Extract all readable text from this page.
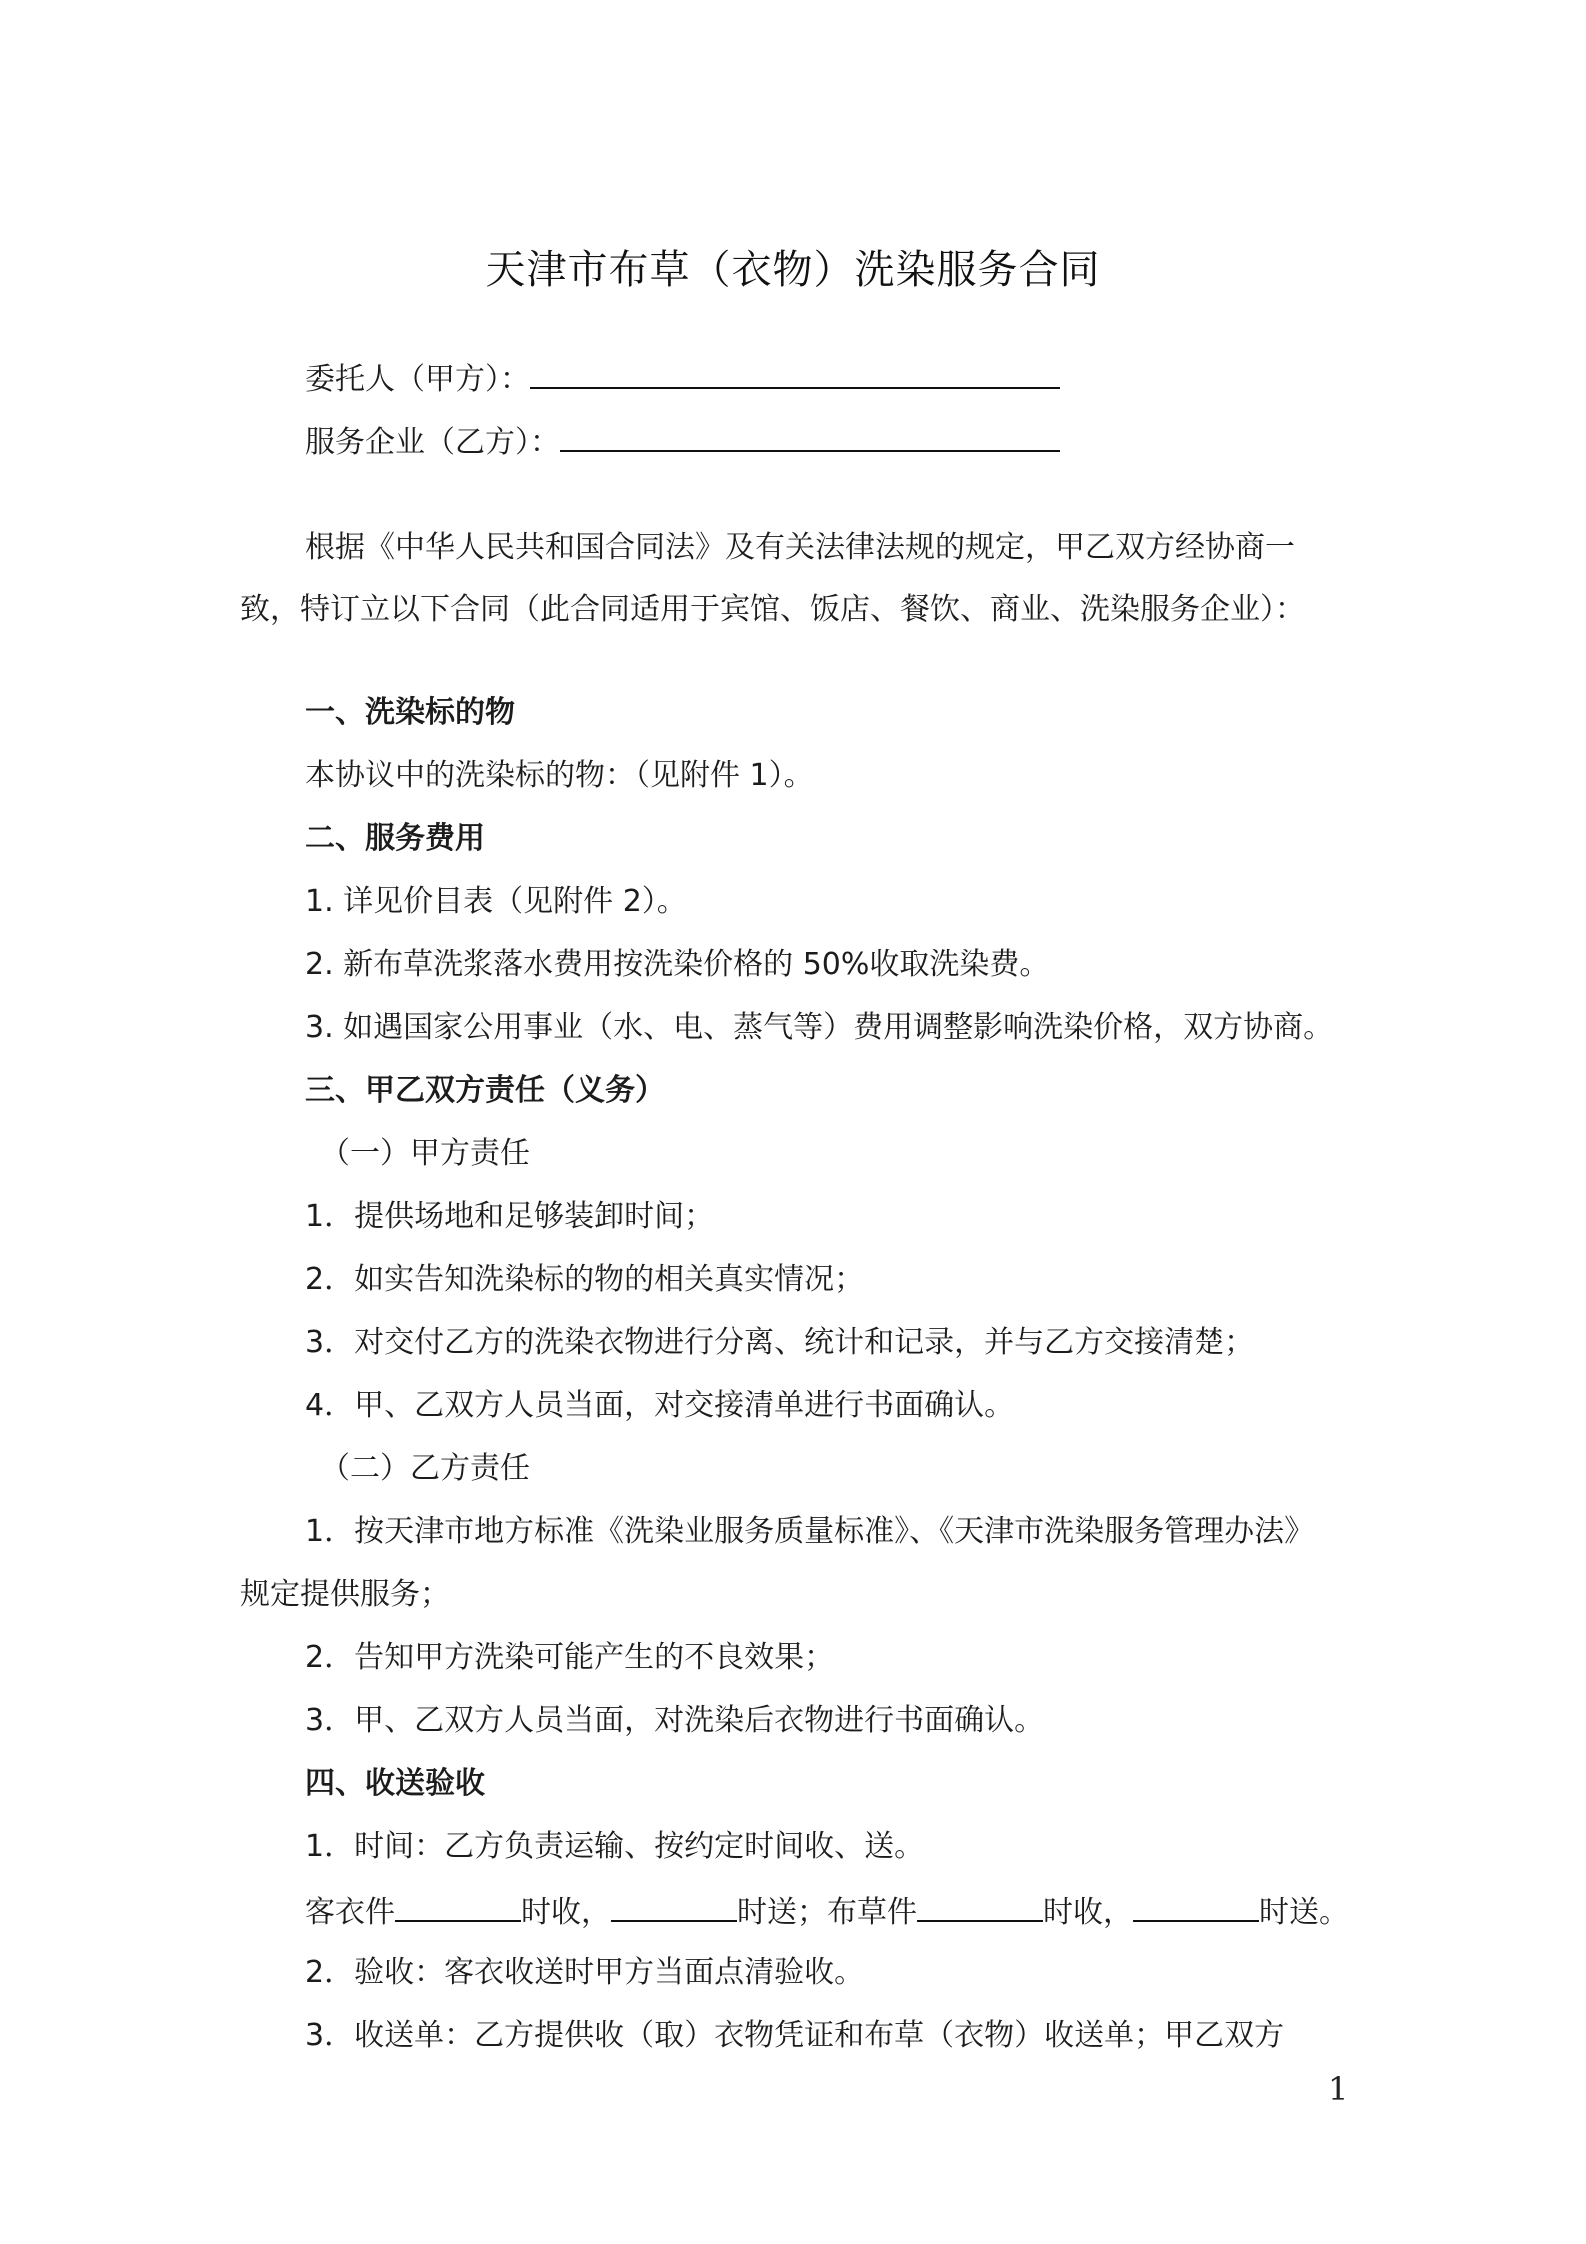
天津市布草（衣物）洗染服务合同
委托人（甲方）：
服务企业（乙方）：
根据《中华人民共和国合同法》及有关法律法规的规定，甲乙双方经协商一
致，特订立以下合同（此合同适用于宾馆、饭店、餐饮、商业、洗染服务企业）：
一、洗染标的物
本协议中的洗染标的物：（见附件 1）。
二、服务费用
1. 详见价目表（见附件 2）。
2. 新布草洗浆落水费用按洗染价格的 50%收取洗染费。
3. 如遇国家公用事业（水、电、蒸气等）费用调整影响洗染价格，双方协商。
三、甲乙双方责任（义务）
（一）甲方责任
1．提供场地和足够装卸时间；
2．如实告知洗染标的物的相关真实情况；
3．对交付乙方的洗染衣物进行分离、统计和记录，并与乙方交接清楚；
4．甲、乙双方人员当面，对交接清单进行书面确认。
（二）乙方责任
1．按天津市地方标准《洗染业服务质量标准》、《天津市洗染服务管理办法》
规定提供服务；
2．告知甲方洗染可能产生的不良效果；
3．甲、乙双方人员当面，对洗染后衣物进行书面确认。
四、收送验收
1．时间：乙方负责运输、按约定时间收、送。
客衣件	时收，	时送；布草件	时收，	时送。
2．验收：客衣收送时甲方当面点清验收。
3．收送单：乙方提供收（取）衣物凭证和布草（衣物）收送单；甲乙双方
1
